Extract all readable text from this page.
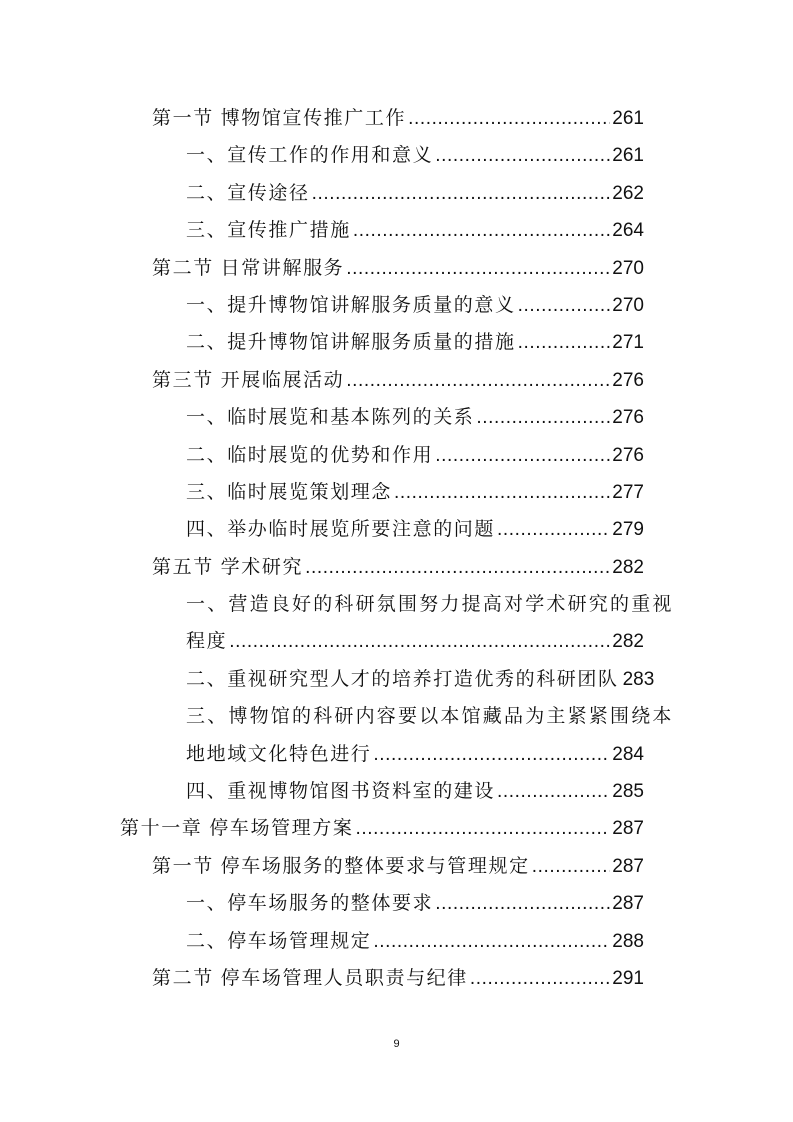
第一节 博物馆宣传推广工作 .....	261
一、宣传工作的作用和意义 .....	261
二、宣传途径 .....	262
三、宣传推广措施 .....	264
第二节 日常讲解服务 .....	270
一、提升博物馆讲解服务质量的意义 .....	270
二、提升博物馆讲解服务质量的措施 .....	271
第三节 开展临展活动 .....	276
一、临时展览和基本陈列的关系 .....	276
二、临时展览的优势和作用 .....	276
三、临时展览策划理念 .....	277
四、举办临时展览所要注意的问题 .....	279
第五节 学术研究 .....	282
一、营造良好的科研氛围努力提高对学术研究的重视
程度 .....	282
二、重视研究型人才的培养打造优秀的科研团队 283
三、博物馆的科研内容要以本馆藏品为主紧紧围绕本
地地域文化特色进行 .....	284
四、重视博物馆图书资料室的建设 .....	285
第十一章 停车场管理方案 .....	287
第一节 停车场服务的整体要求与管理规定 .....	287
一、停车场服务的整体要求 .....	287
二、停车场管理规定 .....	288
第二节 停车场管理人员职责与纪律 .....	291
9
